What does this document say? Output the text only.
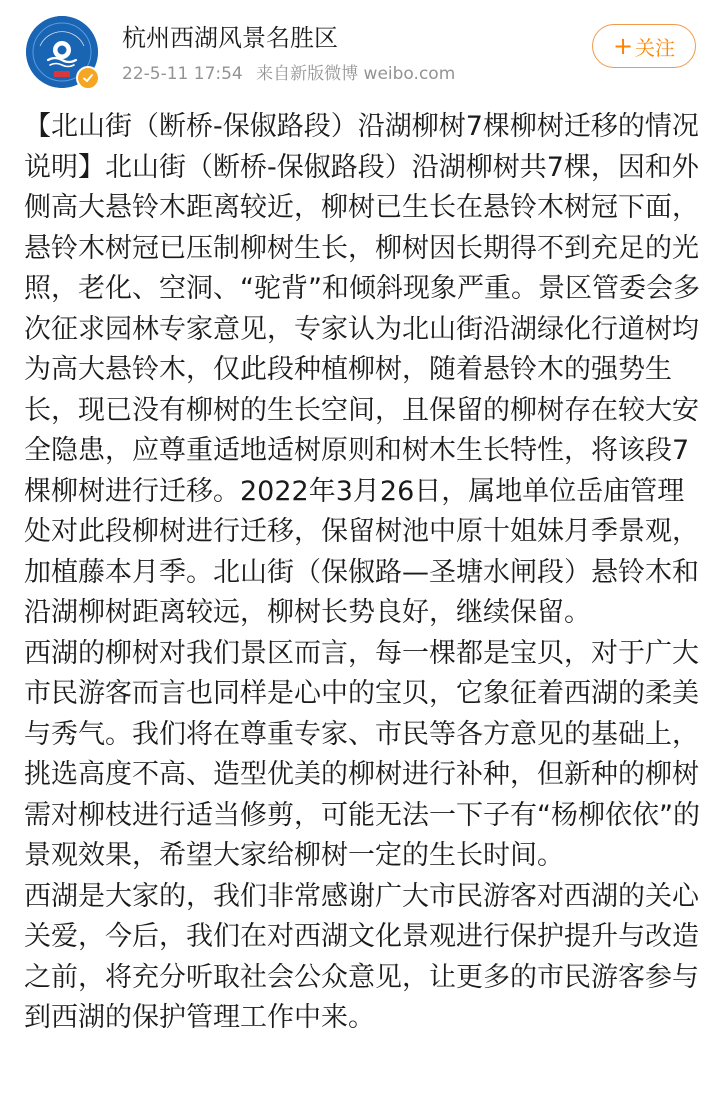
杭州西湖风景名胜区
22-5-11 17:54 来自新版微博 weibo.com
+ 关注

【北山街（断桥-保俶路段）沿湖柳树7棵柳树迁移的情况说明】北山街（断桥-保俶路段）沿湖柳树共7棵，因和外侧高大悬铃木距离较近，柳树已生长在悬铃木树冠下面，悬铃木树冠已压制柳树生长，柳树因长期得不到充足的光照，老化、空洞、“驼背”和倾斜现象严重。景区管委会多次征求园林专家意见，专家认为北山街沿湖绿化行道树均为高大悬铃木，仅此段种植柳树，随着悬铃木的强势生长，现已没有柳树的生长空间，且保留的柳树存在较大安全隐患，应尊重适地适树原则和树木生长特性，将该段7棵柳树进行迁移。2022年3月26日，属地单位岳庙管理处对此段柳树进行迁移，保留树池中原十姐妹月季景观，加植藤本月季。北山街（保俶路—圣塘水闸段）悬铃木和沿湖柳树距离较远，柳树长势良好，继续保留。

西湖的柳树对我们景区而言，每一棵都是宝贝，对于广大市民游客而言也同样是心中的宝贝，它象征着西湖的柔美与秀气。我们将在尊重专家、市民等各方意见的基础上，挑选高度不高、造型优美的柳树进行补种，但新种的柳树需对柳枝进行适当修剪，可能无法一下子有“杨柳依依”的景观效果，希望大家给柳树一定的生长时间。

西湖是大家的，我们非常感谢广大市民游客对西湖的关心关爱，今后，我们在对西湖文化景观进行保护提升与改造之前，将充分听取社会公众意见，让更多的市民游客参与到西湖的保护管理工作中来。
